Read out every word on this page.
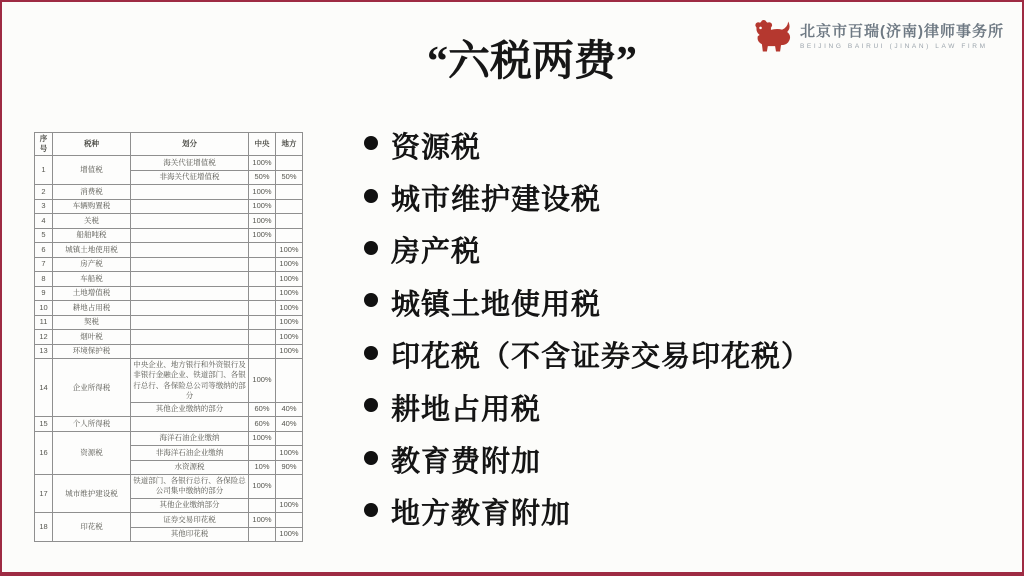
北京市百瑞(济南)律师事务所
BEIJING BAIRUI (JINAN) LAW FIRM
“六税两费”
序号	税种	划分	中央	地方
1	增值税	海关代征增值税	100%	
		非海关代征增值税	50%	50%
2	消费税		100%	
3	车辆购置税		100%	
4	关税		100%	
5	船舶吨税		100%	
6	城镇土地使用税			100%
7	房产税			100%
8	车船税			100%
9	土地增值税			100%
10	耕地占用税			100%
11	契税			100%
12	烟叶税			100%
13	环境保护税			100%
14	企业所得税	中央企业、地方银行和外资银行及非银行金融企业、铁道部门、各银行总行、各保险总公司等缴纳的部分	100%	
		其他企业缴纳的部分	60%	40%
15	个人所得税		60%	40%
16	资源税	海洋石油企业缴纳	100%	
		非海洋石油企业缴纳		100%
		水资源税	10%	90%
17	城市维护建设税	铁道部门、各银行总行、各保险总公司集中缴纳的部分	100%	
		其他企业缴纳部分		100%
18	印花税	证券交易印花税	100%	
		其他印花税		100%
资源税
城市维护建设税
房产税
城镇土地使用税
印花税（不含证券交易印花税）
耕地占用税
教育费附加
地方教育附加
